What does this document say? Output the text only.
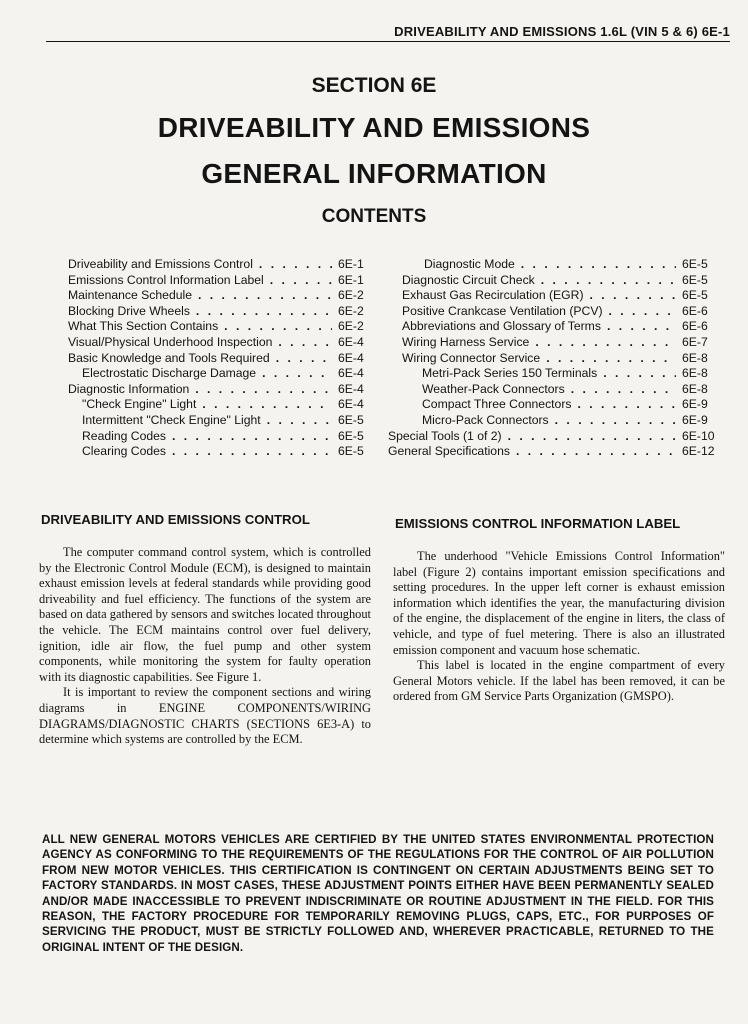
DRIVEABILITY AND EMISSIONS 1.6L (VIN 5 & 6) 6E-1
SECTION 6E
DRIVEABILITY AND EMISSIONS
GENERAL INFORMATION
CONTENTS
Driveability and Emissions Control . . .	6E-1
Emissions Control Information Label . . .	6E-1
Maintenance Schedule . . .	6E-2
Blocking Drive Wheels . . .	6E-2
What This Section Contains . . .	6E-2
Visual/Physical Underhood Inspection . . .	6E-4
Basic Knowledge and Tools Required . . .	6E-4
Electrostatic Discharge Damage . . .	6E-4
Diagnostic Information . . .	6E-4
"Check Engine" Light . . .	6E-4
Intermittent "Check Engine" Light . . .	6E-5
Reading Codes . . .	6E-5
Clearing Codes . . .	6E-5
Diagnostic Mode . . .	6E-5
Diagnostic Circuit Check . . .	6E-5
Exhaust Gas Recirculation (EGR) . . .	6E-5
Positive Crankcase Ventilation (PCV) . . .	6E-6
Abbreviations and Glossary of Terms . . .	6E-6
Wiring Harness Service . . .	6E-7
Wiring Connector Service . . .	6E-8
Metri-Pack Series 150 Terminals . . .	6E-8
Weather-Pack Connectors . . .	6E-8
Compact Three Connectors . . .	6E-9
Micro-Pack Connectors . . .	6E-9
Special Tools (1 of 2) . . .	6E-10
General Specifications . . .	6E-12
DRIVEABILITY AND EMISSIONS CONTROL

The computer command control system, which is controlled by the Electronic Control Module (ECM), is designed to maintain exhaust emission levels at federal standards while providing good driveability and fuel efficiency. The functions of the system are based on data gathered by sensors and switches located throughout the vehicle. The ECM maintains control over fuel delivery, ignition, idle air flow, the fuel pump and other system components, while monitoring the system for faulty operation with its diagnostic capabilities. See Figure 1.

It is important to review the component sections and wiring diagrams in ENGINE COMPONENTS/WIRING DIAGRAMS/DIAGNOSTIC CHARTS (SECTIONS 6E3-A) to determine which systems are controlled by the ECM.

EMISSIONS CONTROL INFORMATION LABEL

The underhood "Vehicle Emissions Control Information" label (Figure 2) contains important emission specifications and setting procedures. In the upper left corner is exhaust emission information which identifies the year, the manufacturing division of the engine, the displacement of the engine in liters, the class of vehicle, and type of fuel metering. There is also an illustrated emission component and vacuum hose schematic.

This label is located in the engine compartment of every General Motors vehicle. If the label has been removed, it can be ordered from GM Service Parts Organization (GMSPO).

ALL NEW GENERAL MOTORS VEHICLES ARE CERTIFIED BY THE UNITED STATES ENVIRONMENTAL PROTECTION AGENCY AS CONFORMING TO THE REQUIREMENTS OF THE REGULATIONS FOR THE CONTROL OF AIR POLLUTION FROM NEW MOTOR VEHICLES. THIS CERTIFICATION IS CONTINGENT ON CERTAIN ADJUSTMENTS BEING SET TO FACTORY STANDARDS. IN MOST CASES, THESE ADJUSTMENT POINTS EITHER HAVE BEEN PERMANENTLY SEALED AND/OR MADE INACCESSIBLE TO PREVENT INDISCRIMINATE OR ROUTINE ADJUSTMENT IN THE FIELD. FOR THIS REASON, THE FACTORY PROCEDURE FOR TEMPORARILY REMOVING PLUGS, CAPS, ETC., FOR PURPOSES OF SERVICING THE PRODUCT, MUST BE STRICTLY FOLLOWED AND, WHEREVER PRACTICABLE, RETURNED TO THE ORIGINAL INTENT OF THE DESIGN.
